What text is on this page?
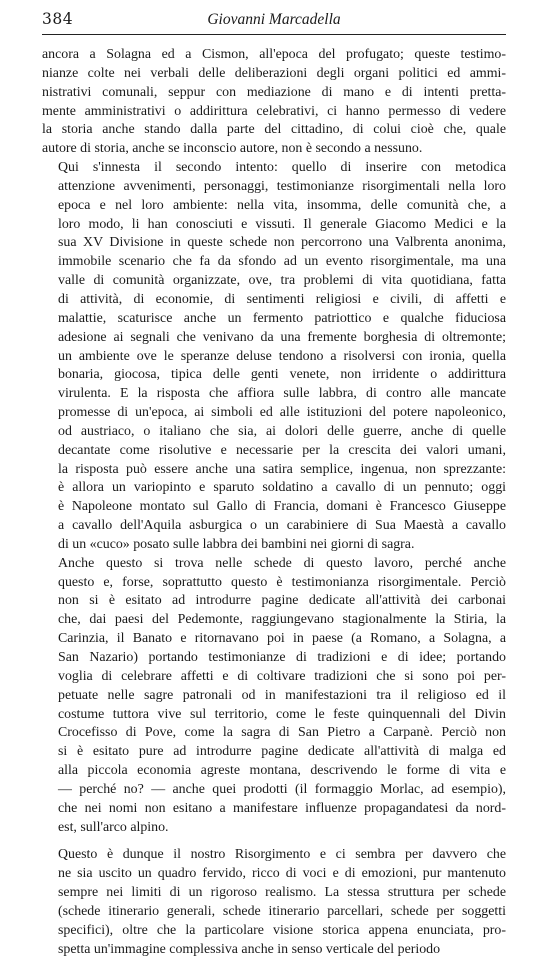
384	Giovanni Marcadella

ancora a Solagna ed a Cismon, all'epoca del profugato; queste testimo-
nianze colte nei verbali delle deliberazioni degli organi politici ed ammi-
nistrativi comunali, seppur con mediazione di mano e di intenti pretta-
mente amministrativi o addirittura celebrativi, ci hanno permesso di vedere
la storia anche stando dalla parte del cittadino, di colui cioè che, quale
autore di storia, anche se inconscio autore, non è secondo a nessuno.

Qui s'innesta il secondo intento: quello di inserire con metodica
attenzione avvenimenti, personaggi, testimonianze risorgimentali nella loro
epoca e nel loro ambiente: nella vita, insomma, delle comunità che, a
loro modo, li han conosciuti e vissuti. Il generale Giacomo Medici e la
sua XV Divisione in queste schede non percorrono una Valbrenta anonima,
immobile scenario che fa da sfondo ad un evento risorgimentale, ma una
valle di comunità organizzate, ove, tra problemi di vita quotidiana, fatta
di attività, di economie, di sentimenti religiosi e civili, di affetti e
malattie, scaturisce anche un fermento patriottico e qualche fiduciosa
adesione ai segnali che venivano da una fremente borghesia di oltremonte;
un ambiente ove le speranze deluse tendono a risolversi con ironia, quella
bonaria, giocosa, tipica delle genti venete, non irridente o addirittura
virulenta. E la risposta che affiora sulle labbra, di contro alle mancate
promesse di un'epoca, ai simboli ed alle istituzioni del potere napoleonico,
od austriaco, o italiano che sia, ai dolori delle guerre, anche di quelle
decantate come risolutive e necessarie per la crescita dei valori umani,
la risposta può essere anche una satira semplice, ingenua, non sprezzante:
è allora un variopinto e sparuto soldatino a cavallo di un pennuto; oggi
è Napoleone montato sul Gallo di Francia, domani è Francesco Giuseppe
a cavallo dell'Aquila asburgica o un carabiniere di Sua Maestà a cavallo
di un «cuco» posato sulle labbra dei bambini nei giorni di sagra.

Anche questo si trova nelle schede di questo lavoro, perché anche
questo e, forse, soprattutto questo è testimonianza risorgimentale. Perciò
non si è esitato ad introdurre pagine dedicate all'attività dei carbonai
che, dai paesi del Pedemonte, raggiungevano stagionalmente la Stiria, la
Carinzia, il Banato e ritornavano poi in paese (a Romano, a Solagna, a
San Nazario) portando testimonianze di tradizioni e di idee; portando
voglia di celebrare affetti e di coltivare tradizioni che si sono poi per-
petuate nelle sagre patronali od in manifestazioni tra il religioso ed il
costume tuttora vive sul territorio, come le feste quinquennali del Divin
Crocefisso di Pove, come la sagra di San Pietro a Carpanè. Perciò non
si è esitato pure ad introdurre pagine dedicate all'attività di malga ed
alla piccola economia agreste montana, descrivendo le forme di vita e
— perché no? — anche quei prodotti (il formaggio Morlac, ad esempio),
che nei nomi non esitano a manifestare influenze propagandatesi da nord-
est, sull'arco alpino.

Questo è dunque il nostro Risorgimento e ci sembra per davvero che
ne sia uscito un quadro fervido, ricco di voci e di emozioni, pur mantenuto
sempre nei limiti di un rigoroso realismo. La stessa struttura per schede
(schede itinerario generali, schede itinerario parcellari, schede per soggetti
specifici), oltre che la particolare visione storica appena enunciata, pro-
spetta un'immagine complessiva anche in senso verticale del periodo
